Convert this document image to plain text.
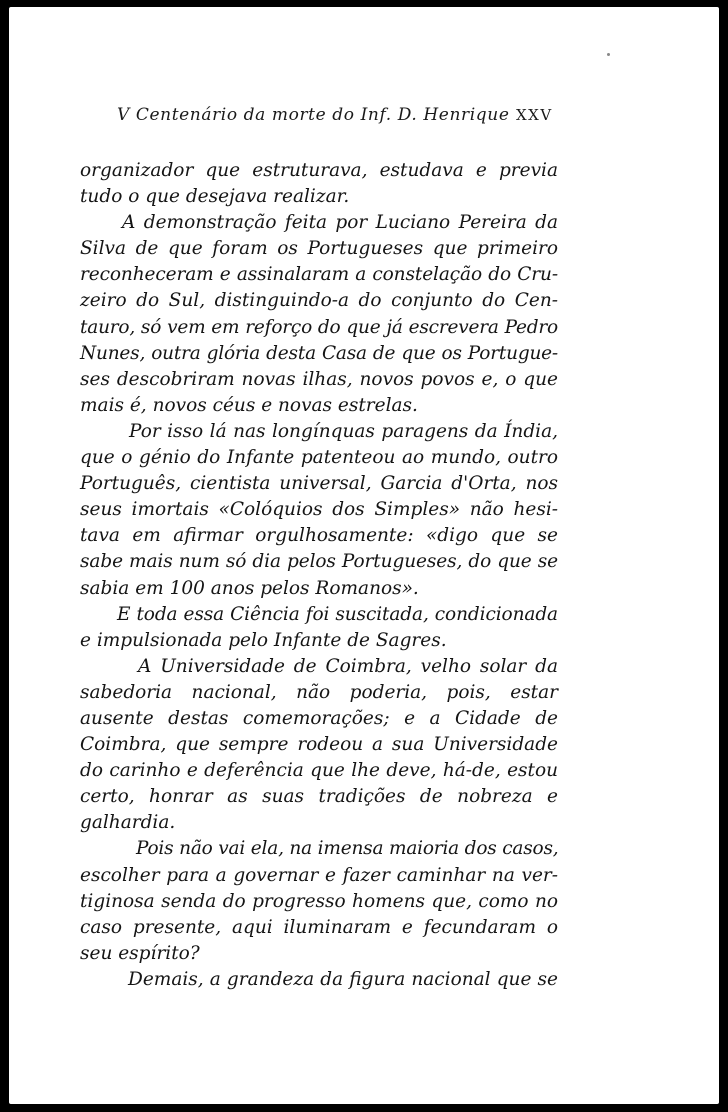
V Centenário da morte do Inf. D. Henrique XXV
organizador que estruturava, estudava e previa
tudo o que desejava realizar.
A demonstração feita por Luciano Pereira da
Silva de que foram os Portugueses que primeiro
reconheceram e assinalaram a constelação do Cru-
zeiro do Sul, distinguindo-a do conjunto do Cen-
tauro, só vem em reforço do que já escrevera Pedro
Nunes, outra glória desta Casa de que os Portugue-
ses descobriram novas ilhas, novos povos e, o que
mais é, novos céus e novas estrelas.
Por isso lá nas longínquas paragens da Índia,
que o génio do Infante patenteou ao mundo, outro
Português, cientista universal, Garcia d'Orta, nos
seus imortais «Colóquios dos Simples» não hesi-
tava em afirmar orgulhosamente: «digo que se
sabe mais num só dia pelos Portugueses, do que se
sabia em 100 anos pelos Romanos».
E toda essa Ciência foi suscitada, condicionada
e impulsionada pelo Infante de Sagres.
A Universidade de Coimbra, velho solar da
sabedoria nacional, não poderia, pois, estar
ausente destas comemorações; e a Cidade de
Coimbra, que sempre rodeou a sua Universidade
do carinho e deferência que lhe deve, há-de, estou
certo, honrar as suas tradições de nobreza e
galhardia.
Pois não vai ela, na imensa maioria dos casos,
escolher para a governar e fazer caminhar na ver-
tiginosa senda do progresso homens que, como no
caso presente, aqui iluminaram e fecundaram o
seu espírito?
Demais, a grandeza da figura nacional que se
